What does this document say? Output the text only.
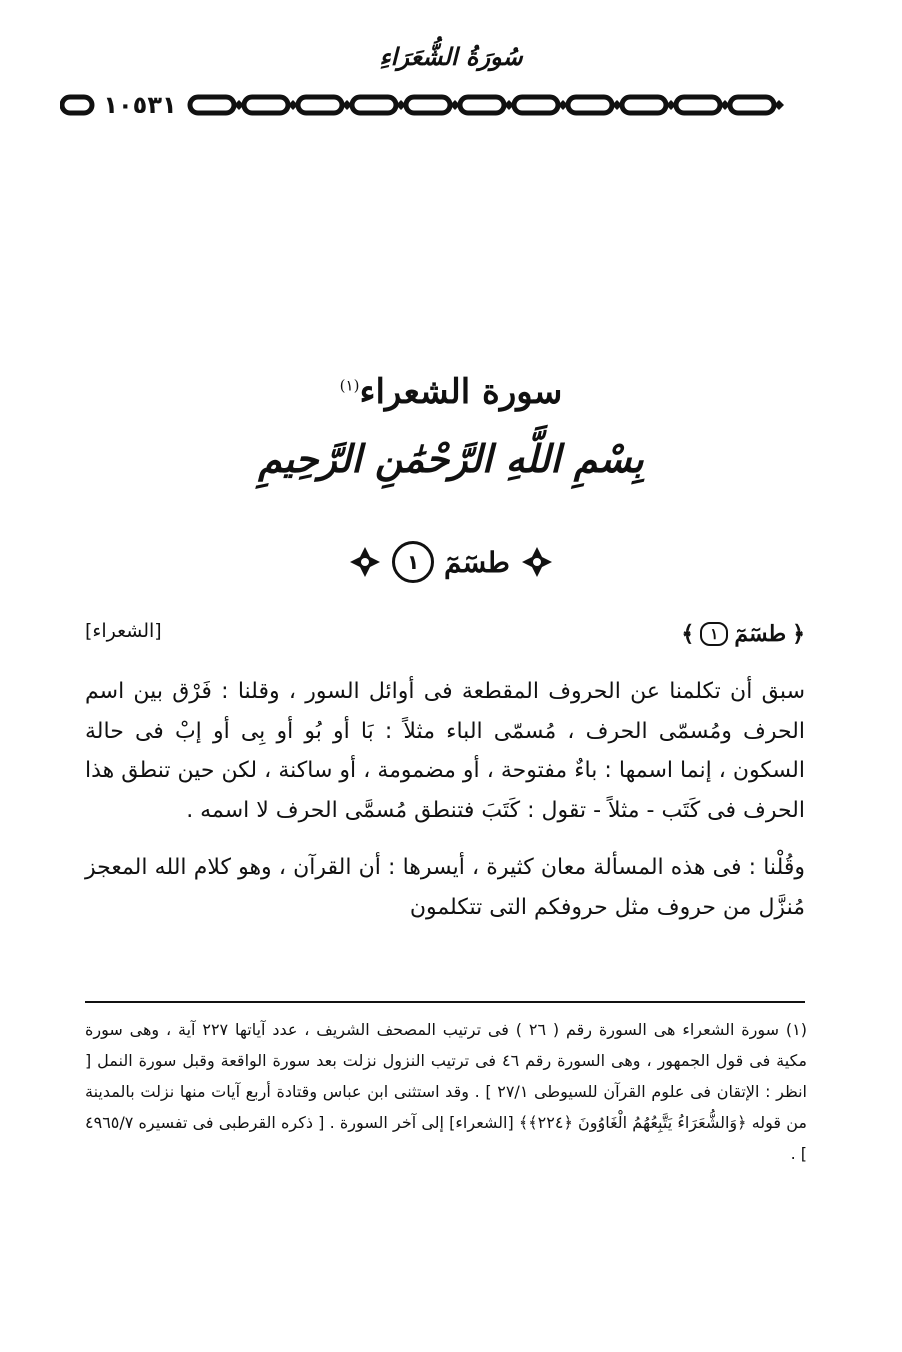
سُورَةُ الشُّعَرَاءِ
١٠٥٣١
سورة الشعراء$^{(١)}$
بِسْمِ اللَّهِ الرَّحْمَٰنِ الرَّحِيمِ
طسٓمٓ
١
﴿
طسٓمٓ
١
﴾
[الشعراء]

سبق أن تكلمنا عن الحروف المقطعة فى أوائل السور ، وقلنا : فَرْق بين اسم الحرف ومُسمّى الحرف ، مُسمّى الباء مثلاً : بَا أو بُو أو بِى أو إبْ فى حالة السكون ، إنما اسمها : باءٌ مفتوحة ، أو مضمومة ، أو ساكنة ، لكن حين تنطق هذا الحرف فى كَتَب - مثلاً - تقول : كَتَبَ فتنطق مُسمَّى الحرف لا اسمه .

وقُلْنا : فى هذه المسألة معان كثيرة ، أيسرها : أن القرآن ، وهو كلام الله المعجز مُنزَّل من حروف مثل حروفكم التى تتكلمون

(١) سورة الشعراء هى السورة رقم ( ٢٦ ) فى ترتيب المصحف الشريف ، عدد آياتها ٢٢٧ آية ، وهى سورة مكية فى قول الجمهور ، وهى السورة رقم ٤٦ فى ترتيب النزول نزلت بعد سورة الواقعة وقبل سورة النمل [ انظر : الإتقان فى علوم القرآن للسيوطى ٢٧/١ ] . وقد استثنى ابن عباس وقتادة أربع آيات منها نزلت بالمدينة من قوله ﴿وَالشُّعَرَاءُ يَتَّبِعُهُمُ الْغَاوُونَ ﴿٢٢٤﴾﴾ [الشعراء] إلى آخر السورة . [ ذكره القرطبى فى تفسيره ٤٩٦٥/٧ ] .
